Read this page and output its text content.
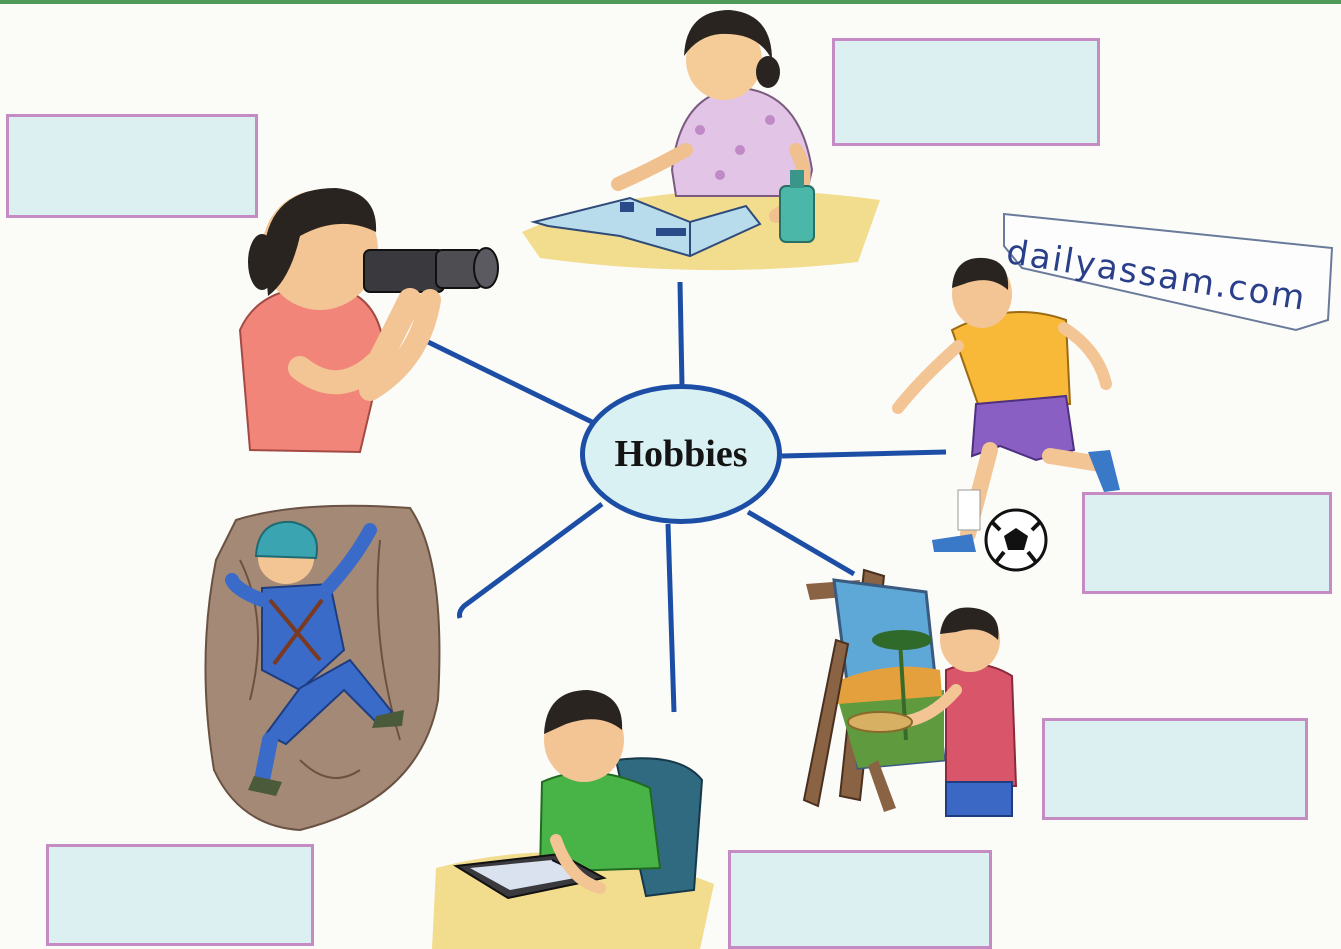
Hobbies
dailyassam.com
